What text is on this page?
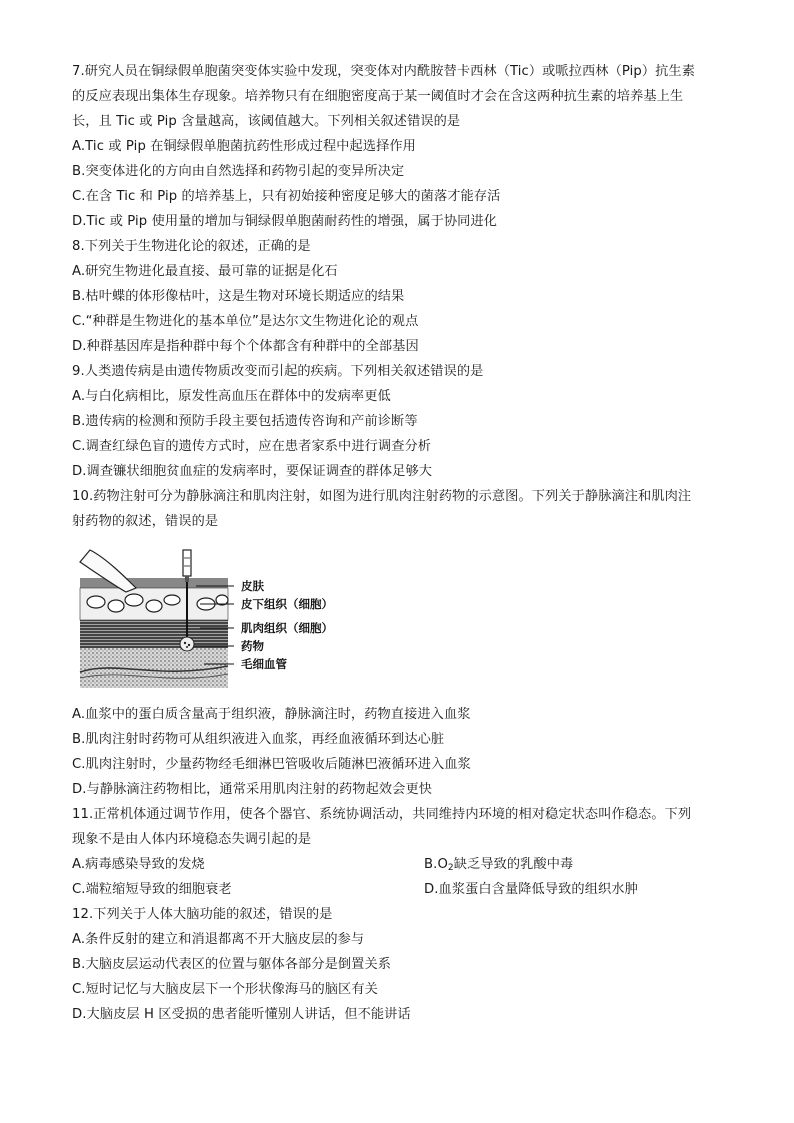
7.研究人员在铜绿假单胞菌突变体实验中发现，突变体对内酰胺替卡西林（Tic）或哌拉西林（Pip）抗生素
的反应表现出集体生存现象。培养物只有在细胞密度高于某一阈值时才会在含这两种抗生素的培养基上生
长，且 Tic 或 Pip 含量越高，该阈值越大。下列相关叙述错误的是
A.Tic 或 Pip 在铜绿假单胞菌抗药性形成过程中起选择作用
B.突变体进化的方向由自然选择和药物引起的变异所决定
C.在含 Tic 和 Pip 的培养基上，只有初始接种密度足够大的菌落才能存活
D.Tic 或 Pip 使用量的增加与铜绿假单胞菌耐药性的增强，属于协同进化
8.下列关于生物进化论的叙述，正确的是
A.研究生物进化最直接、最可靠的证据是化石
B.枯叶蝶的体形像枯叶，这是生物对环境长期适应的结果
C.“种群是生物进化的基本单位”是达尔文生物进化论的观点
D.种群基因库是指种群中每个个体都含有种群中的全部基因
9.人类遗传病是由遗传物质改变而引起的疾病。下列相关叙述错误的是
A.与白化病相比，原发性高血压在群体中的发病率更低
B.遗传病的检测和预防手段主要包括遗传咨询和产前诊断等
C.调查红绿色盲的遗传方式时，应在患者家系中进行调查分析
D.调查镰状细胞贫血症的发病率时，要保证调查的群体足够大
10.药物注射可分为静脉滴注和肌肉注射，如图为进行肌肉注射药物的示意图。下列关于静脉滴注和肌肉注
射药物的叙述，错误的是
皮肤
皮下组织（细胞）
肌肉组织（细胞）
药物
毛细血管
A.血浆中的蛋白质含量高于组织液，静脉滴注时，药物直接进入血浆
B.肌肉注射时药物可从组织液进入血浆，再经血液循环到达心脏
C.肌肉注射时，少量药物经毛细淋巴管吸收后随淋巴液循环进入血浆
D.与静脉滴注药物相比，通常采用肌肉注射的药物起效会更快
11.正常机体通过调节作用，使各个器官、系统协调活动，共同维持内环境的相对稳定状态叫作稳态。下列
现象不是由人体内环境稳态失调引起的是
A.病毒感染导致的发烧	$B.O_2$缺乏导致的乳酸中毒
C.端粒缩短导致的细胞衰老	D.血浆蛋白含量降低导致的组织水肿
12.下列关于人体大脑功能的叙述，错误的是
A.条件反射的建立和消退都离不开大脑皮层的参与
B.大脑皮层运动代表区的位置与躯体各部分是倒置关系
C.短时记忆与大脑皮层下一个形状像海马的脑区有关
D.大脑皮层 H 区受损的患者能听懂别人讲话，但不能讲话
